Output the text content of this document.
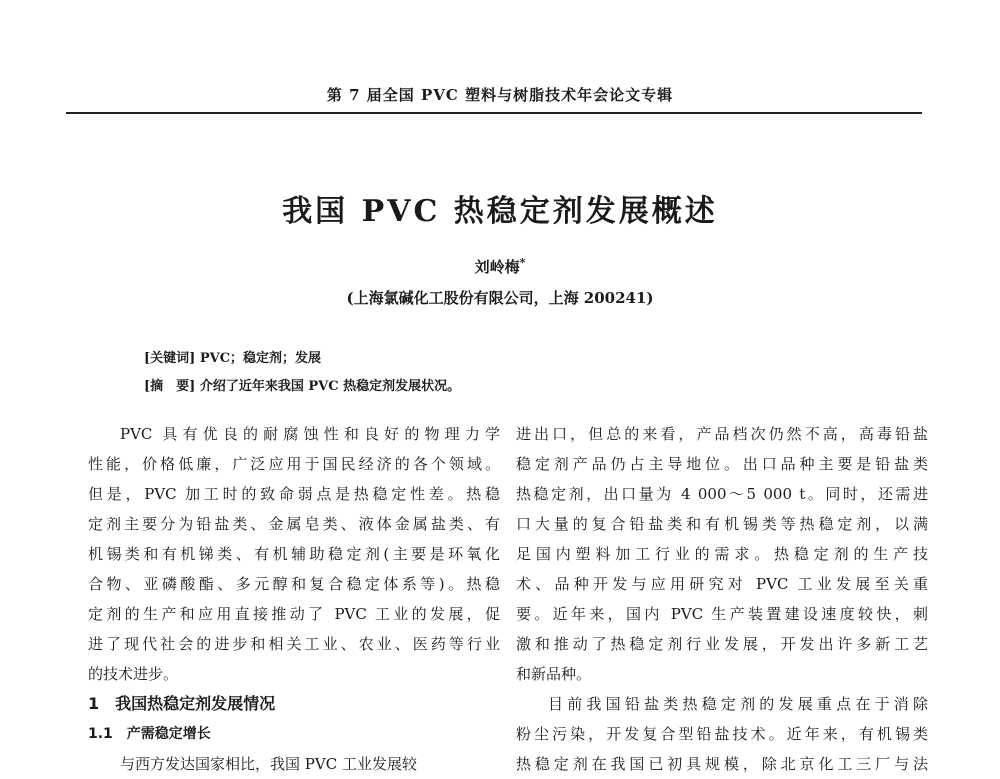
第 7 届全国 PVC 塑料与树脂技术年会论文专辑
我国 PVC 热稳定剂发展概述
刘岭梅*
(上海氯碱化工股份有限公司，上海 200241)
[关键词] PVC；稳定剂；发展
[摘　要] 介绍了近年来我国 PVC 热稳定剂发展状况。
PVC 具有优良的耐腐蚀性和良好的物理力学
性能，价格低廉，广泛应用于国民经济的各个领域。
但是，PVC 加工时的致命弱点是热稳定性差。热稳
定剂主要分为铅盐类、金属皂类、液体金属盐类、有
机锡类和有机锑类、有机辅助稳定剂(主要是环氧化
合物、亚磷酸酯、多元醇和复合稳定体系等)。热稳
定剂的生产和应用直接推动了 PVC 工业的发展，促
进了现代社会的进步和相关工业、农业、医药等行业
的技术进步。
1　我国热稳定剂发展情况
1.1　产需稳定增长
与西方发达国家相比，我国 PVC 工业发展较
进出口，但总的来看，产品档次仍然不高，高毒铅盐
稳定剂产品仍占主导地位。出口品种主要是铅盐类
热稳定剂，出口量为 4 000～5 000 t。同时，还需进
口大量的复合铅盐类和有机锡类等热稳定剂，以满
足国内塑料加工行业的需求。热稳定剂的生产技
术、品种开发与应用研究对 PVC 工业发展至关重
要。近年来，国内 PVC 生产装置建设速度较快，刺
激和推动了热稳定剂行业发展，开发出许多新工艺
和新品种。
目前我国铅盐类热稳定剂的发展重点在于消除
粉尘污染，开发复合型铅盐技术。近年来，有机锡类
热稳定剂在我国已初具规模，除北京化工三厂与法
